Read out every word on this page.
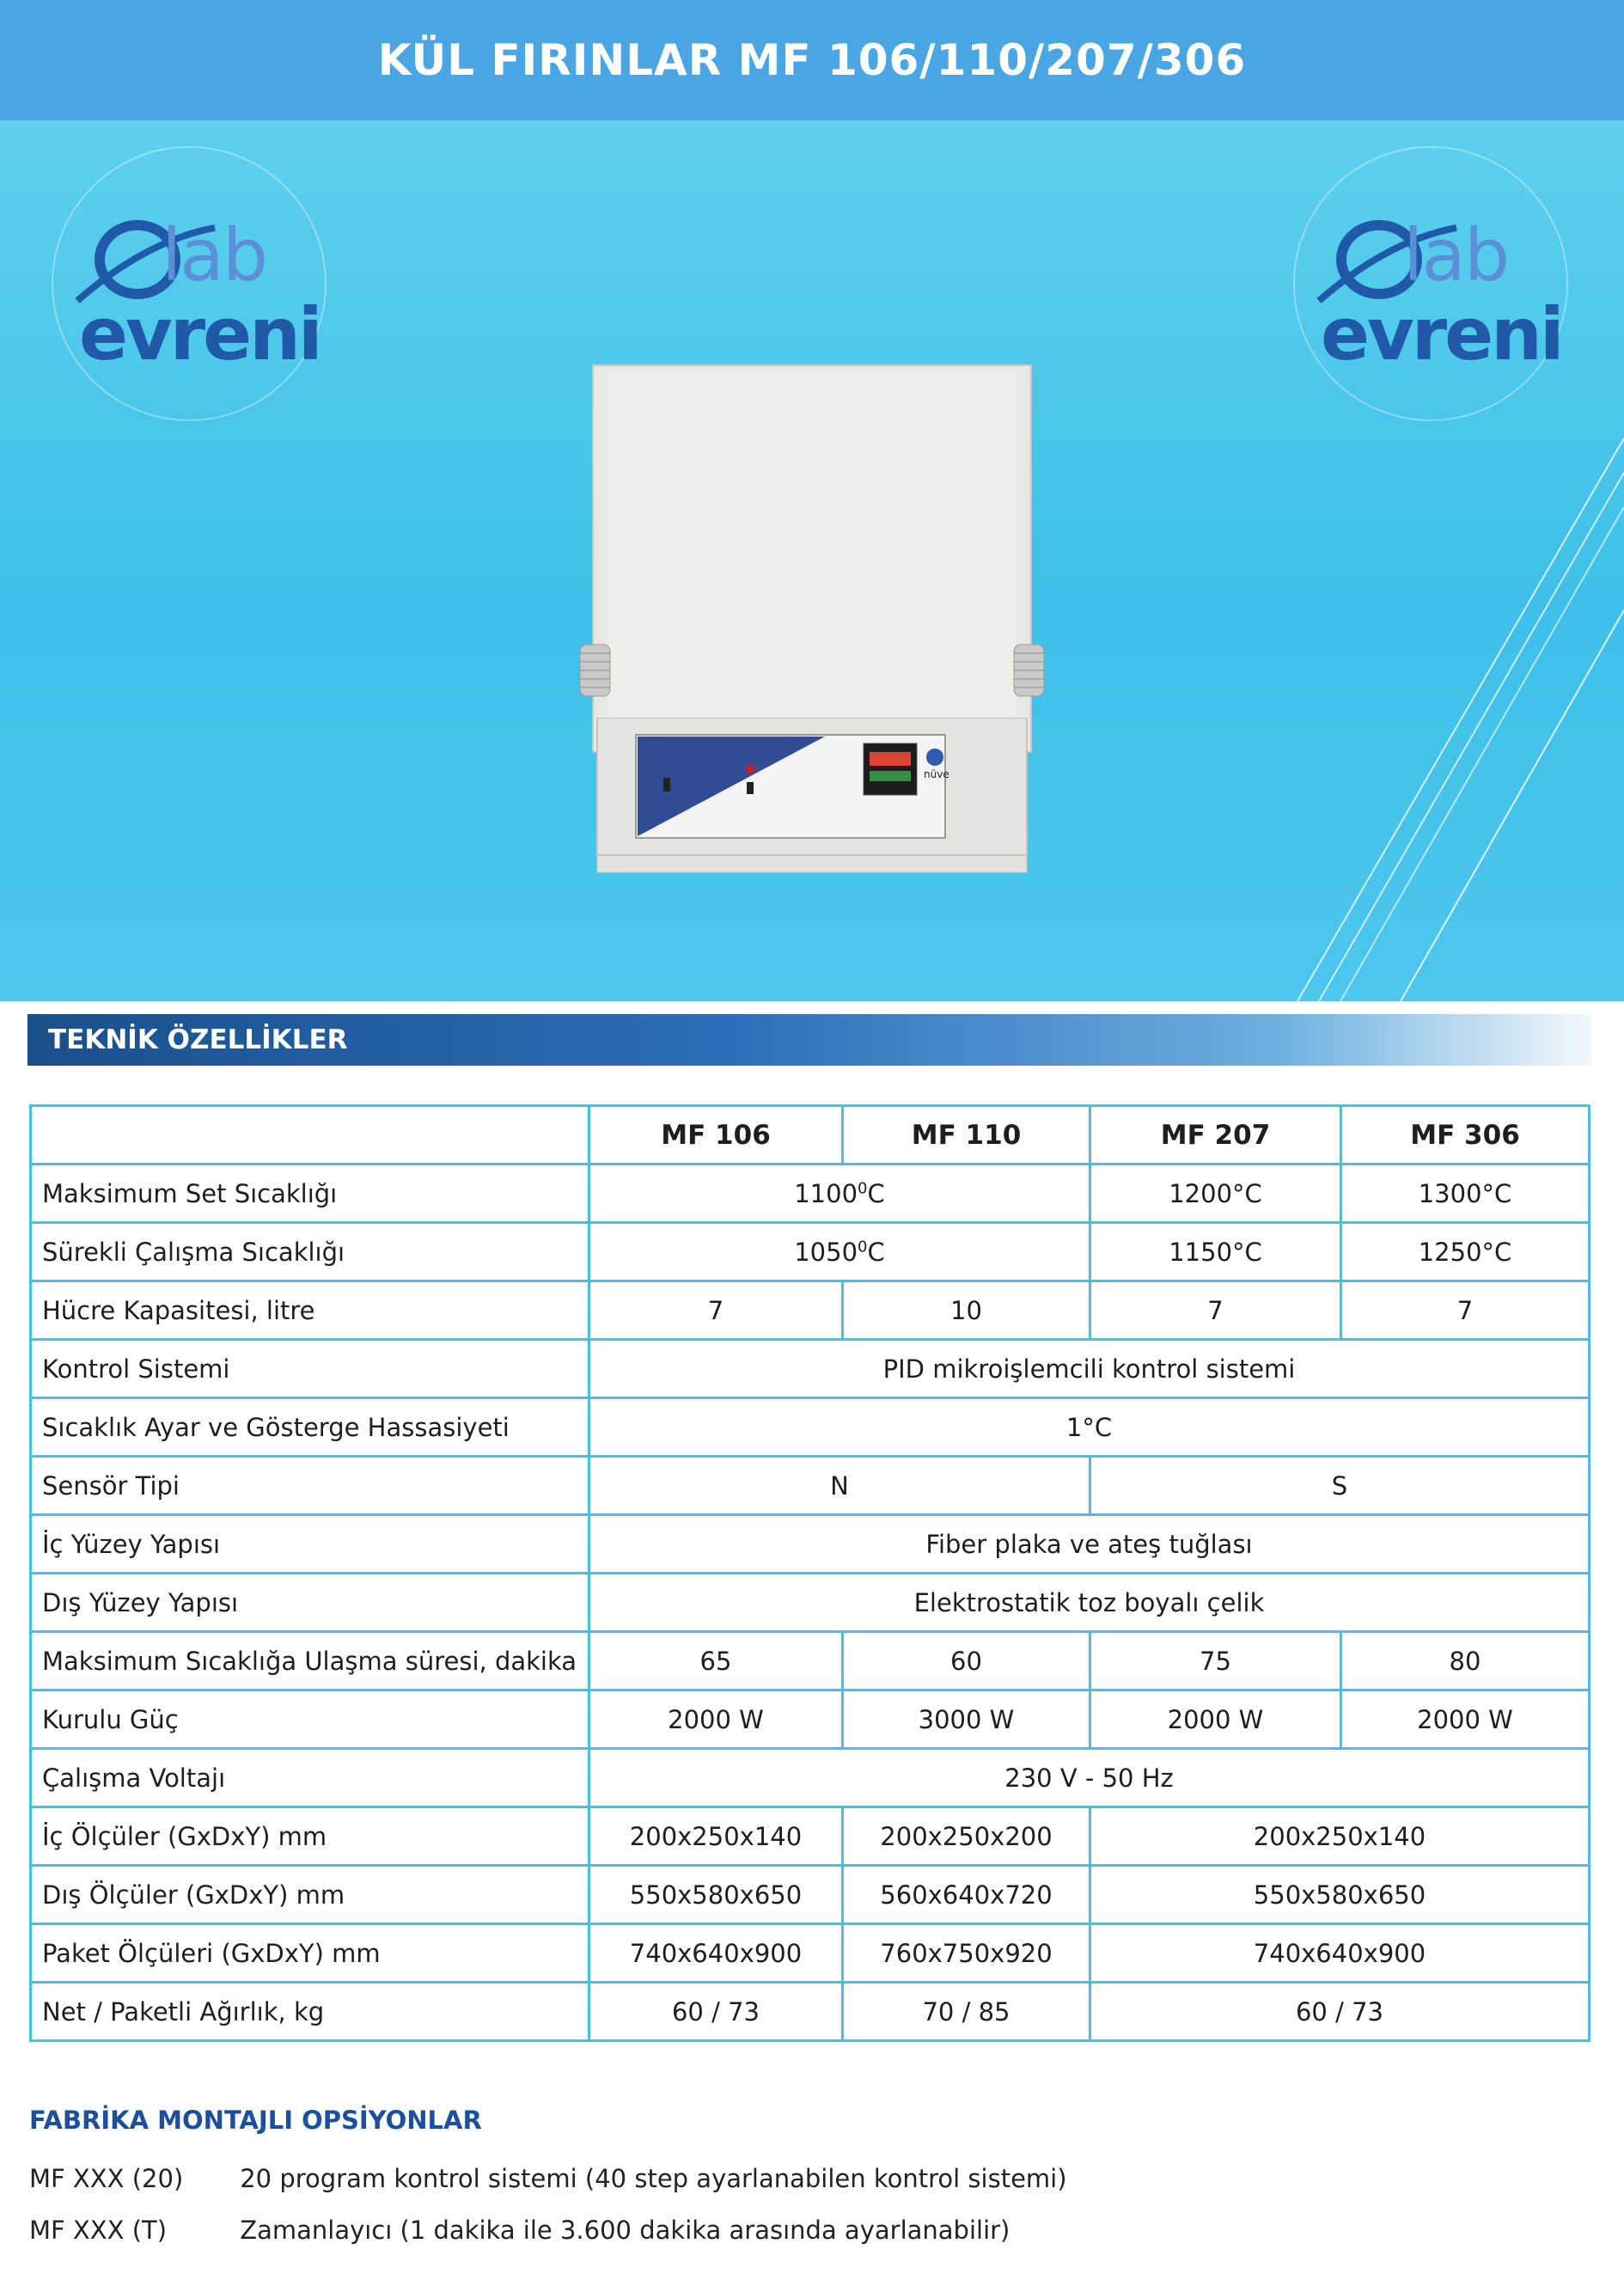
KÜL FIRINLAR MF 106/110/207/306
lab
evreni
lab
evreni
nüve
TEKNİK ÖZELLİKLER
	MF 106	MF 110	MF 207	MF 306
Maksimum Set Sıcaklığı	1100$^0$C		1200°C	1300°C
Sürekli Çalışma Sıcaklığı	1050$^0$C		1150°C	1250°C
Hücre Kapasitesi, litre	7	10	7	7
Kontrol Sistemi	PID mikroişlemcili kontrol sistemi			
Sıcaklık Ayar ve Gösterge Hassasiyeti	1°C			
Sensör Tipi	N		S	
İç Yüzey Yapısı	Fiber plaka ve ateş tuğlası			
Dış Yüzey Yapısı	Elektrostatik toz boyalı çelik			
Maksimum Sıcaklığa Ulaşma süresi, dakika	65	60	75	80
Kurulu Güç	2000 W	3000 W	2000 W	2000 W
Çalışma Voltajı	230 V - 50 Hz			
İç Ölçüler (GxDxY) mm	200x250x140	200x250x200	200x250x140	
Dış Ölçüler (GxDxY) mm	550x580x650	560x640x720	550x580x650	
Paket Ölçüleri (GxDxY) mm	740x640x900	760x750x920	740x640x900	
Net / Paketli Ağırlık, kg	60 / 73	70 / 85	60 / 73	
FABRİKA MONTAJLI OPSİYONLAR
MF XXX (20) 20 program kontrol sistemi (40 step ayarlanabilen kontrol sistemi)
MF XXX (T)	Zamanlayıcı (1 dakika ile 3.600 dakika arasında ayarlanabilir)
